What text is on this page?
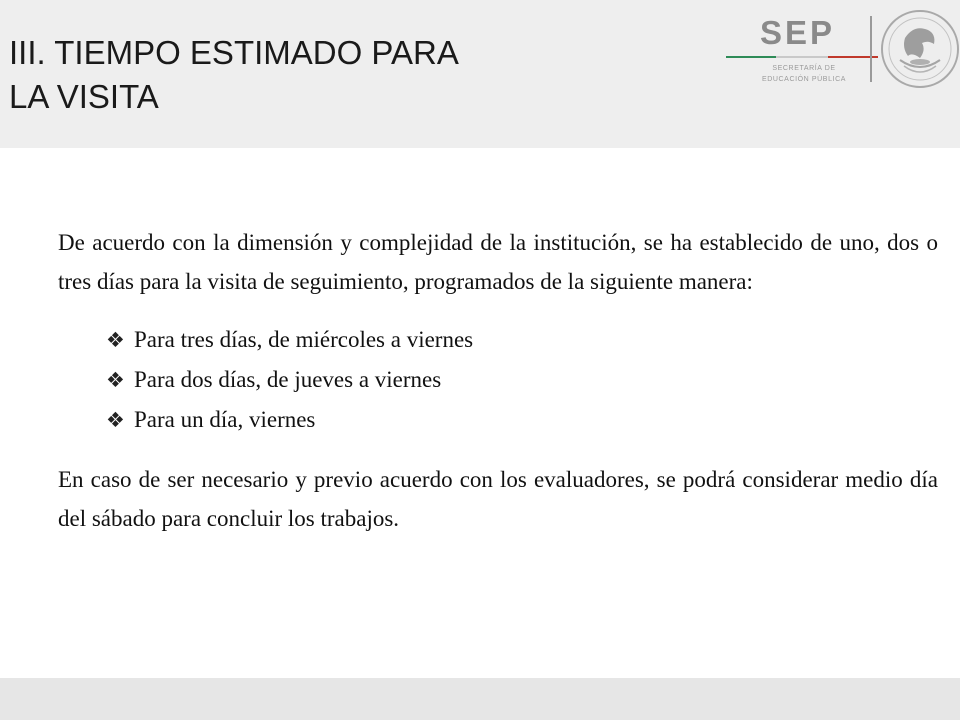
III. TIEMPO ESTIMADO PARA
LA VISITA
SEP
SECRETARÍA DE
EDUCACIÓN PÚBLICA

De acuerdo con la dimensión y complejidad de la institución, se ha establecido de uno, dos o tres días para la visita de seguimiento, programados de la siguiente manera:

❖ Para tres días, de miércoles a viernes
❖ Para dos días, de jueves a viernes
❖ Para un día, viernes

En caso de ser necesario y previo acuerdo con los evaluadores, se podrá considerar medio día del sábado para concluir los trabajos.
